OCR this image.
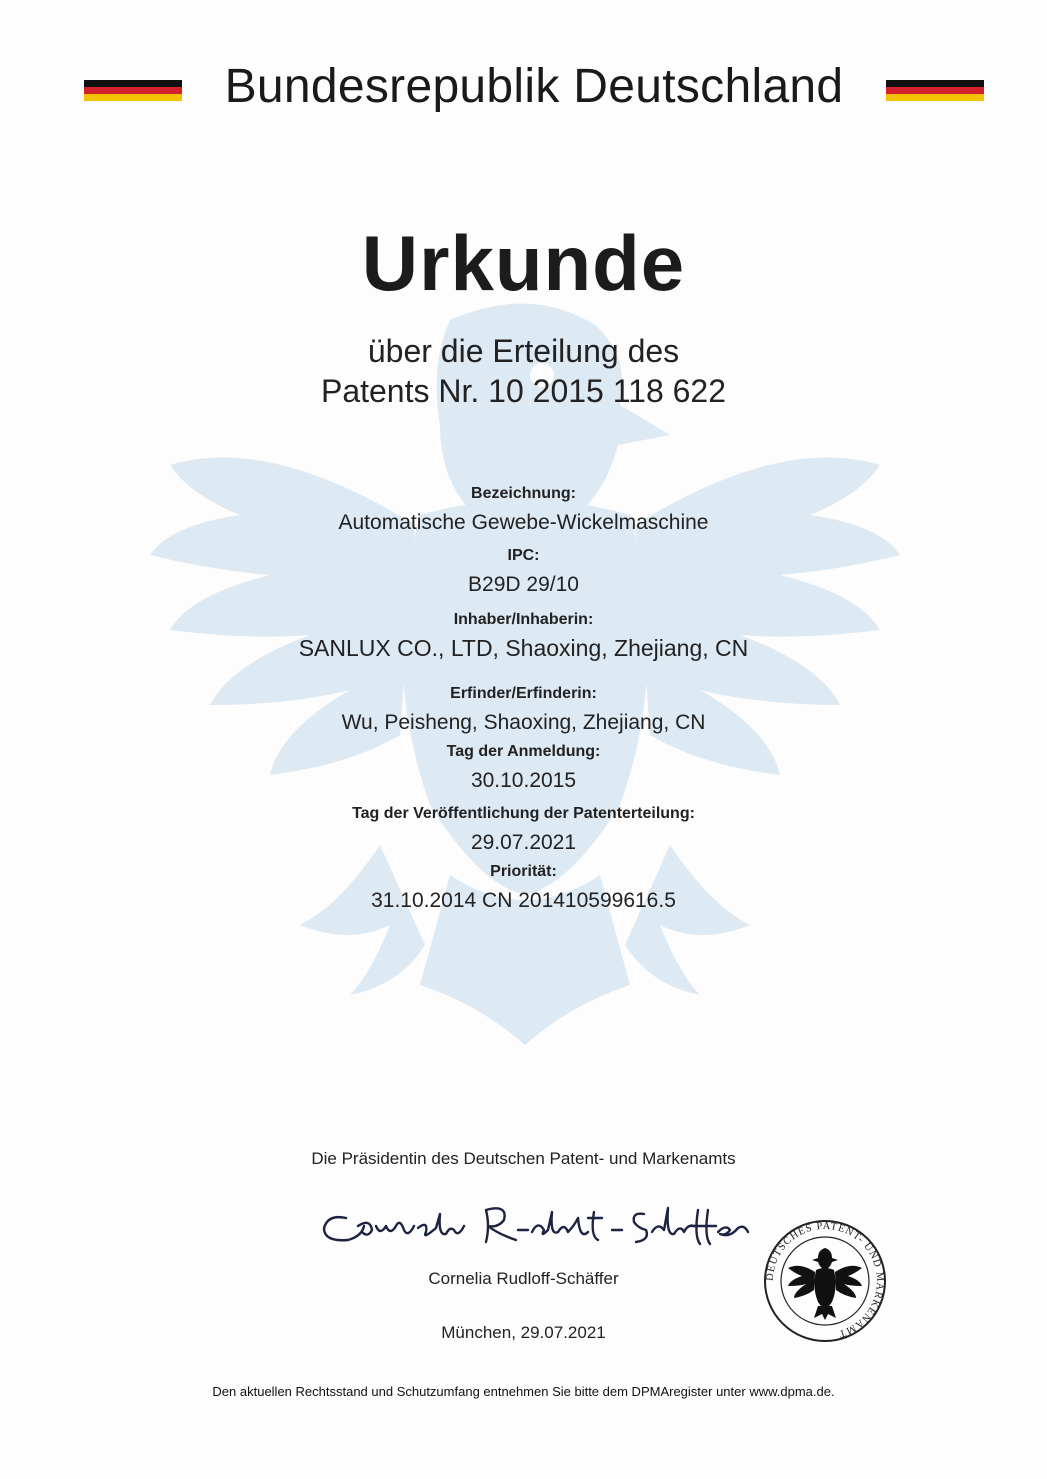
Bundesrepublik Deutschland
Urkunde
über die Erteilung des
Patents Nr. 10 2015 118 622
Bezeichnung:
Automatische Gewebe-Wickelmaschine
IPC:
B29D 29/10
Inhaber/Inhaberin:
SANLUX CO., LTD, Shaoxing, Zhejiang, CN
Erfinder/Erfinderin:
Wu, Peisheng, Shaoxing, Zhejiang, CN
Tag der Anmeldung:
30.10.2015
Tag der Veröffentlichung der Patenterteilung:
29.07.2021
Priorität:
31.10.2014 CN 201410599616.5
Die Präsidentin des Deutschen Patent- und Markenamts
Cornelia Rudloff-Schäffer
München, 29.07.2021
DEUTSCHES PATENT- UND MARKENAMT
Den aktuellen Rechtsstand und Schutzumfang entnehmen Sie bitte dem DPMAregister unter www.dpma.de.
